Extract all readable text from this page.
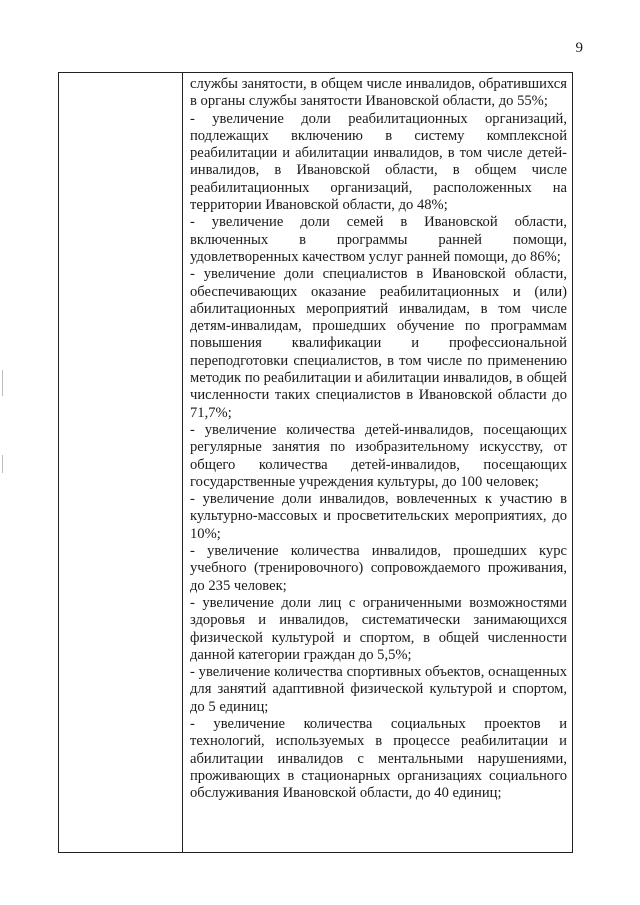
9

службы занятости, в общем числе инвалидов, обратившихся в органы службы занятости Ивановской области, до 55%;

- увеличение доли реабилитационных организаций, подлежащих включению в систему комплексной реабилитации и абилитации инвалидов, в том числе детей-инвалидов, в Ивановской области, в общем числе реабилитационных организаций, расположенных на территории Ивановской области, до 48%;

- увеличение доли семей в Ивановской области, включенных в программы ранней помощи, удовлетворенных качеством услуг ранней помощи, до 86%;

- увеличение доли специалистов в Ивановской области, обеспечивающих оказание реабилитационных и (или) абилитационных мероприятий инвалидам, в том числе детям-инвалидам, прошедших обучение по программам повышения квалификации и профессиональной переподготовки специалистов, в том числе по применению методик по реабилитации и абилитации инвалидов, в общей численности таких специалистов в Ивановской области до 71,7%;

- увеличение количества детей-инвалидов, посещающих регулярные занятия по изобразительному искусству, от общего количества детей-инвалидов, посещающих государственные учреждения культуры, до 100 человек;

- увеличение доли инвалидов, вовлеченных к участию в культурно-массовых и просветительских мероприятиях, до 10%;

- увеличение количества инвалидов, прошедших курс учебного (тренировочного) сопровождаемого проживания, до 235 человек;

- увеличение доли лиц с ограниченными возможностями здоровья и инвалидов, систематически занимающихся физической культурой и спортом, в общей численности данной категории граждан до 5,5%;

- увеличение количества спортивных объектов, оснащенных для занятий адаптивной физической культурой и спортом, до 5 единиц;

- увеличение количества социальных проектов и технологий, используемых в процессе реабилитации и абилитации инвалидов с ментальными нарушениями, проживающих в стационарных организациях социального обслуживания Ивановской области, до 40 единиц;
